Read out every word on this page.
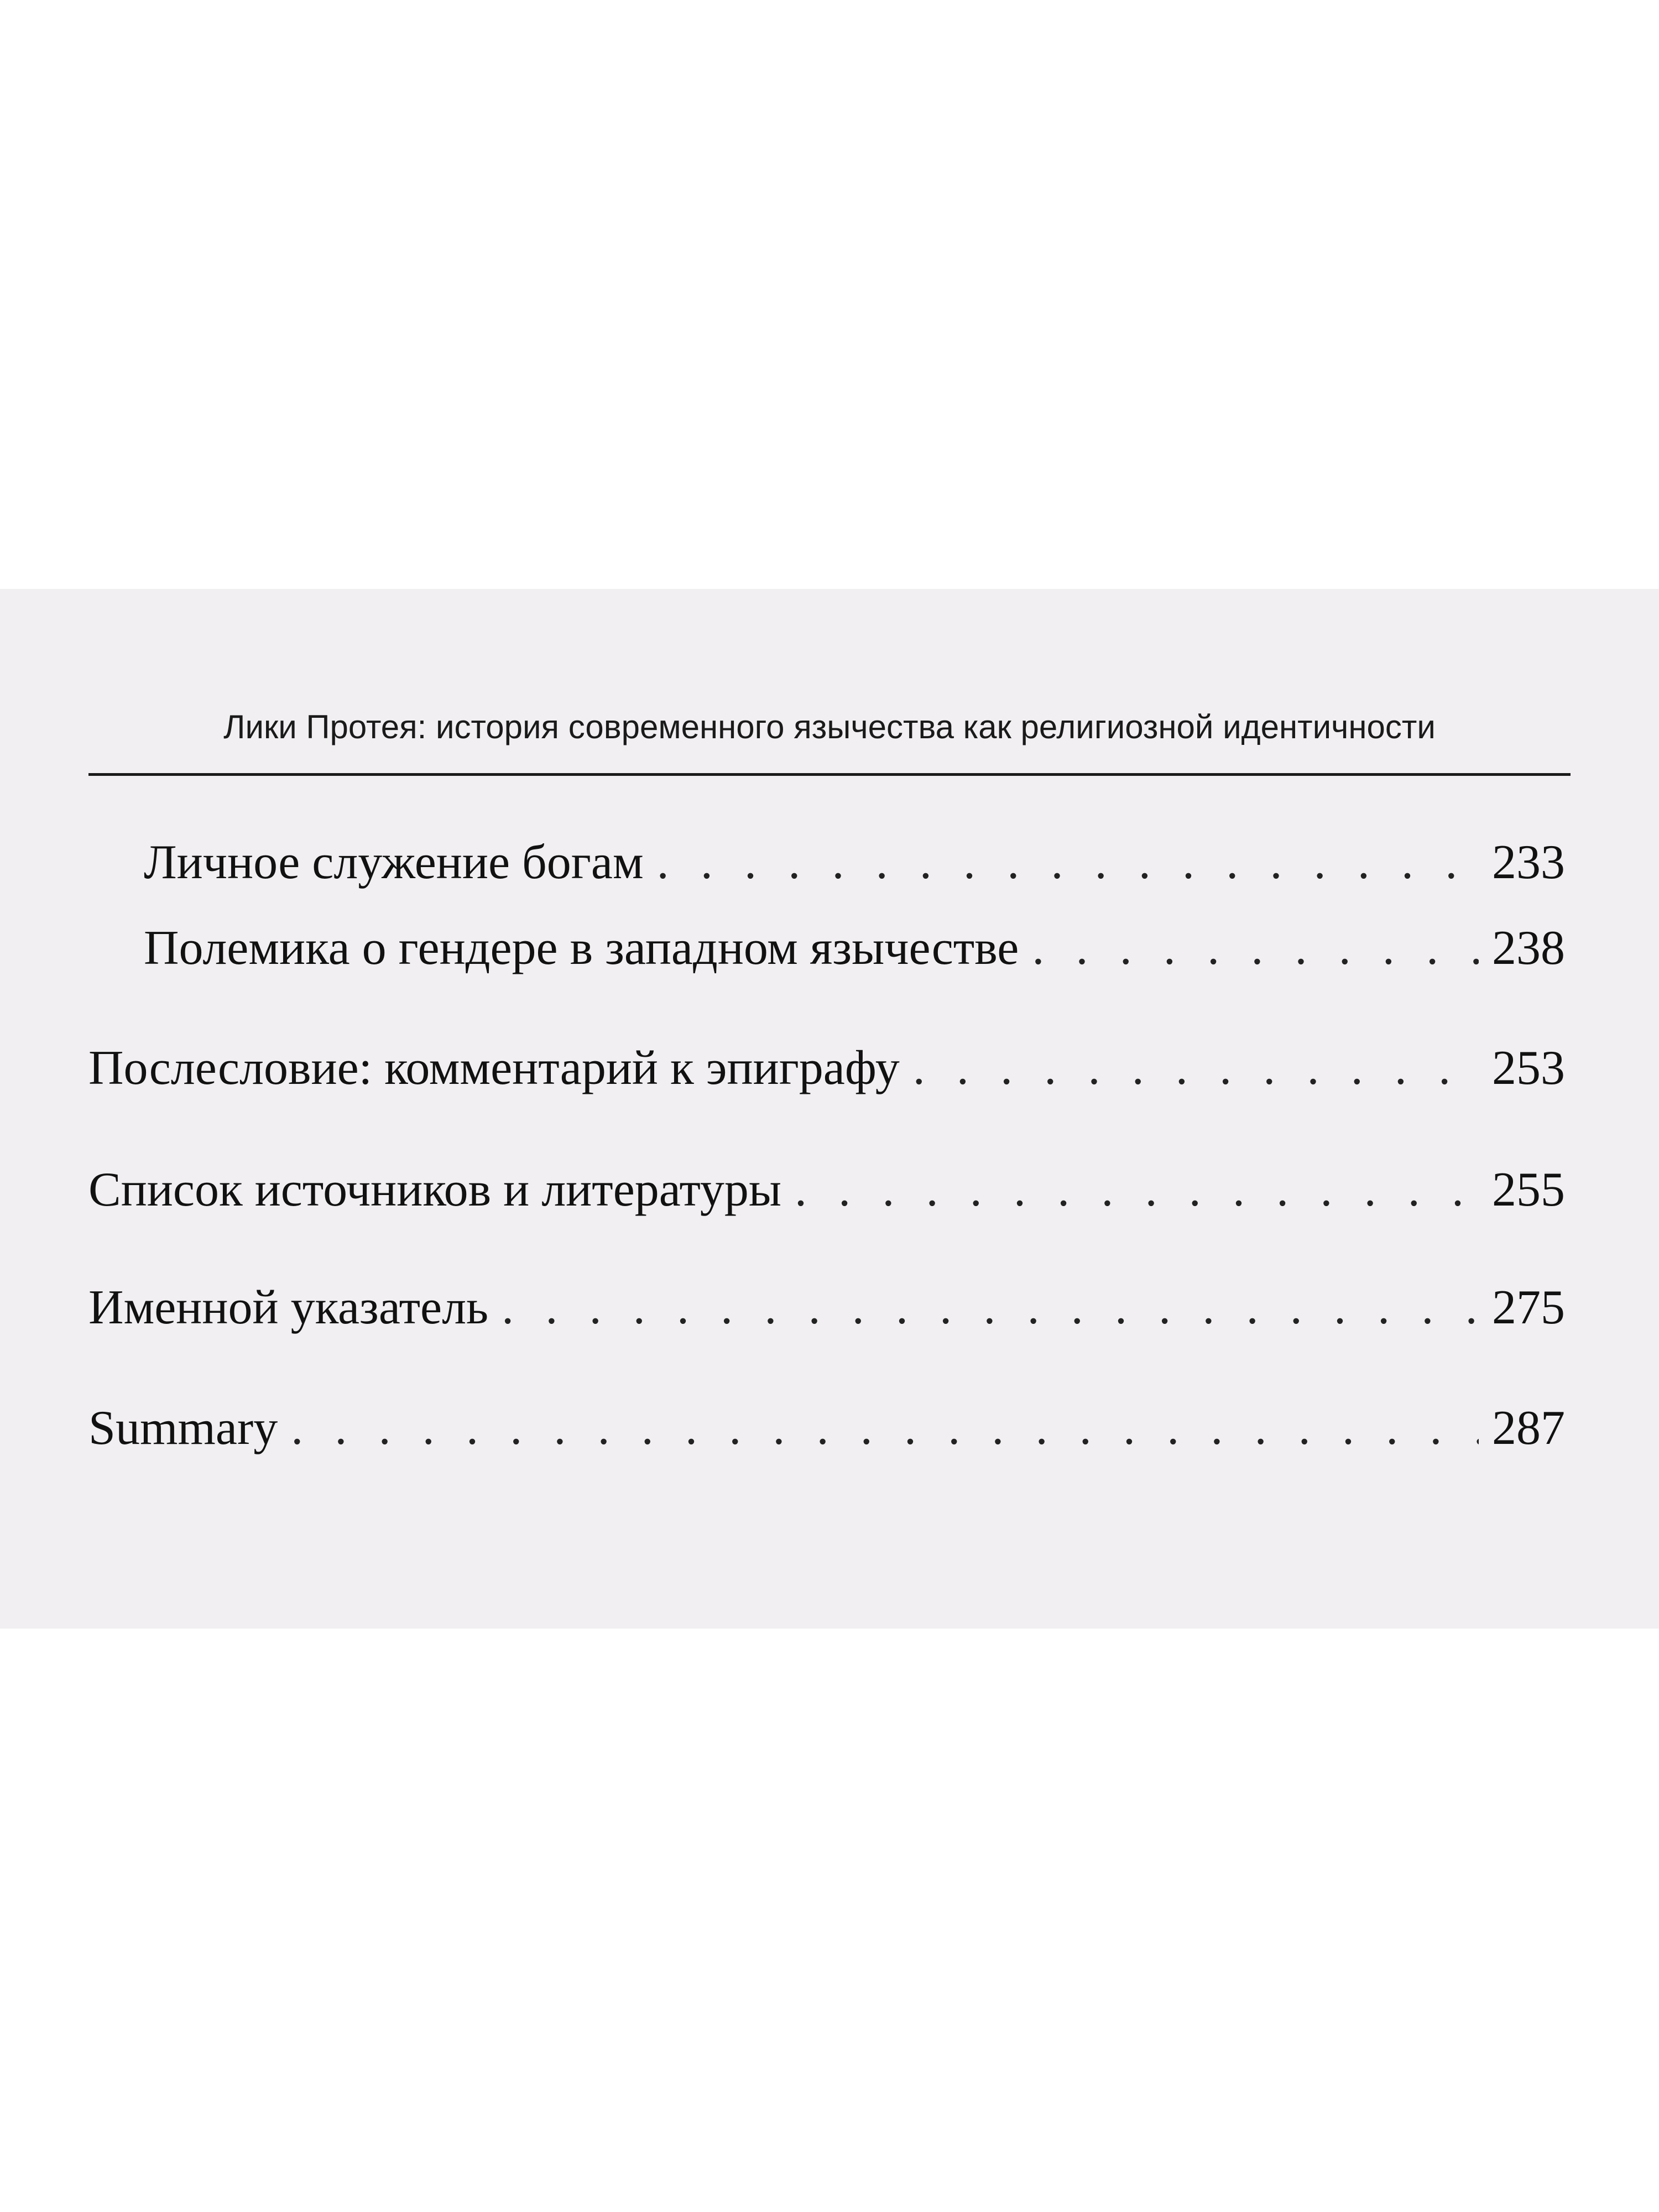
Лики Протея: история современного язычества как религиозной идентичности
Личное служение богам . . .	233
Полемика о гендере в западном язычестве . . .	238
Послесловие: комментарий к эпиграфу . . .	253
Список источников и литературы . . .	255
Именной указатель . . .	275
Summary . . .	287
